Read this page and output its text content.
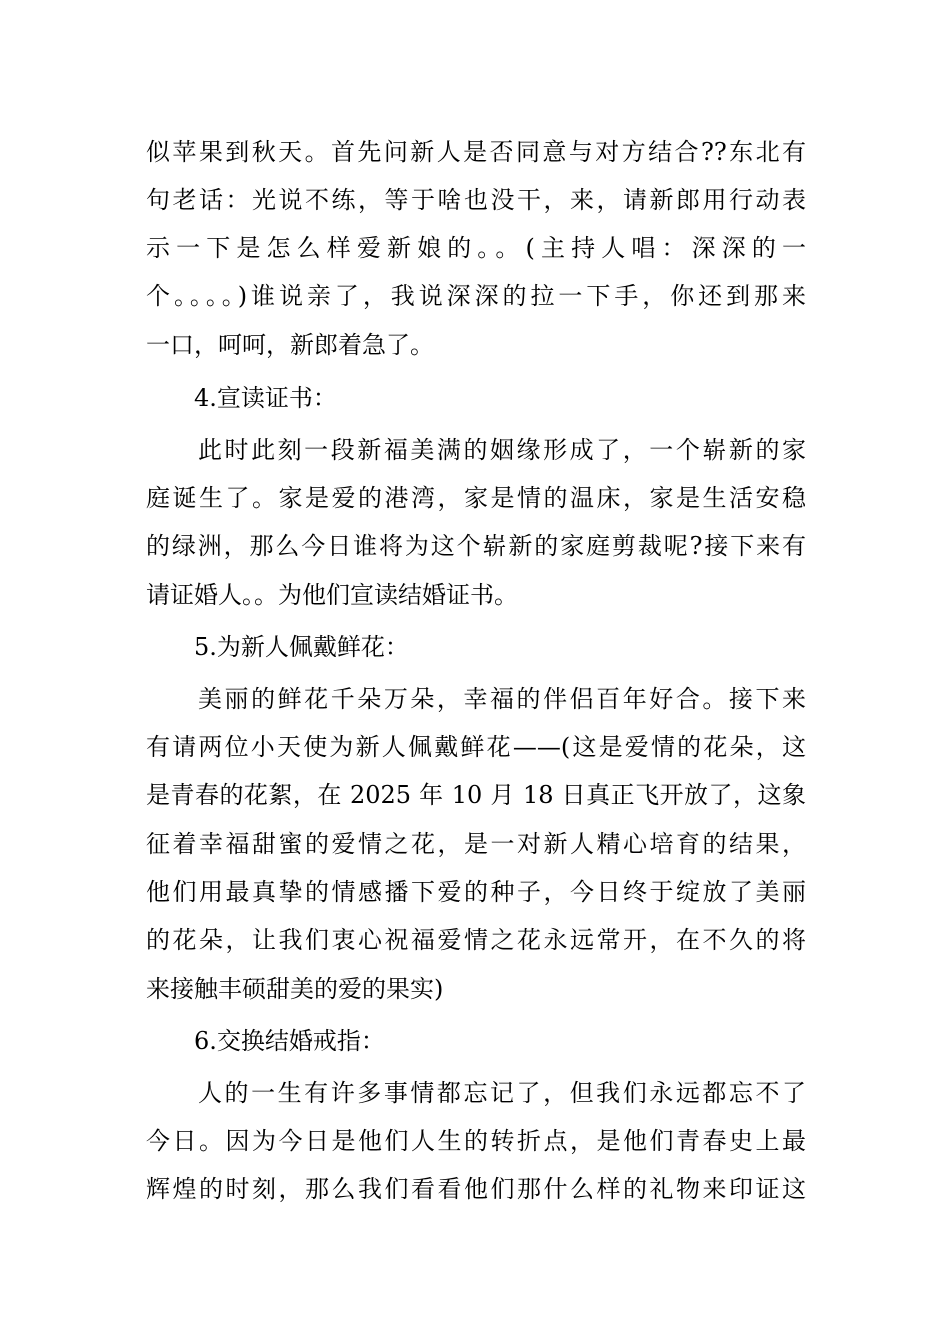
似苹果到秋天。首先问新人是否同意与对方结合??东北有
句老话：光说不练，等于啥也没干，来，请新郎用行动表
示一下是怎么样爱新娘的。。(主持人唱：深深的一
个。。。。)谁说亲了，我说深深的拉一下手，你还到那来
一口，呵呵，新郎着急了。
4.宣读证书：
此时此刻一段新福美满的姻缘形成了，一个崭新的家
庭诞生了。家是爱的港湾，家是情的温床，家是生活安稳
的绿洲，那么今日谁将为这个崭新的家庭剪裁呢?接下来有
请证婚人。。为他们宣读结婚证书。
5.为新人佩戴鲜花：
美丽的鲜花千朵万朵，幸福的伴侣百年好合。接下来
有请两位小天使为新人佩戴鲜花——(这是爱情的花朵，这
是青春的花絮，在 2025 年 10 月 18 日真正飞开放了，这象
征着幸福甜蜜的爱情之花，是一对新人精心培育的结果，
他们用最真挚的情感播下爱的种子，今日终于绽放了美丽
的花朵，让我们衷心祝福爱情之花永远常开，在不久的将
来接触丰硕甜美的爱的果实)
6.交换结婚戒指：
人的一生有许多事情都忘记了，但我们永远都忘不了
今日。因为今日是他们人生的转折点，是他们青春史上最
辉煌的时刻，那么我们看看他们那什么样的礼物来印证这
